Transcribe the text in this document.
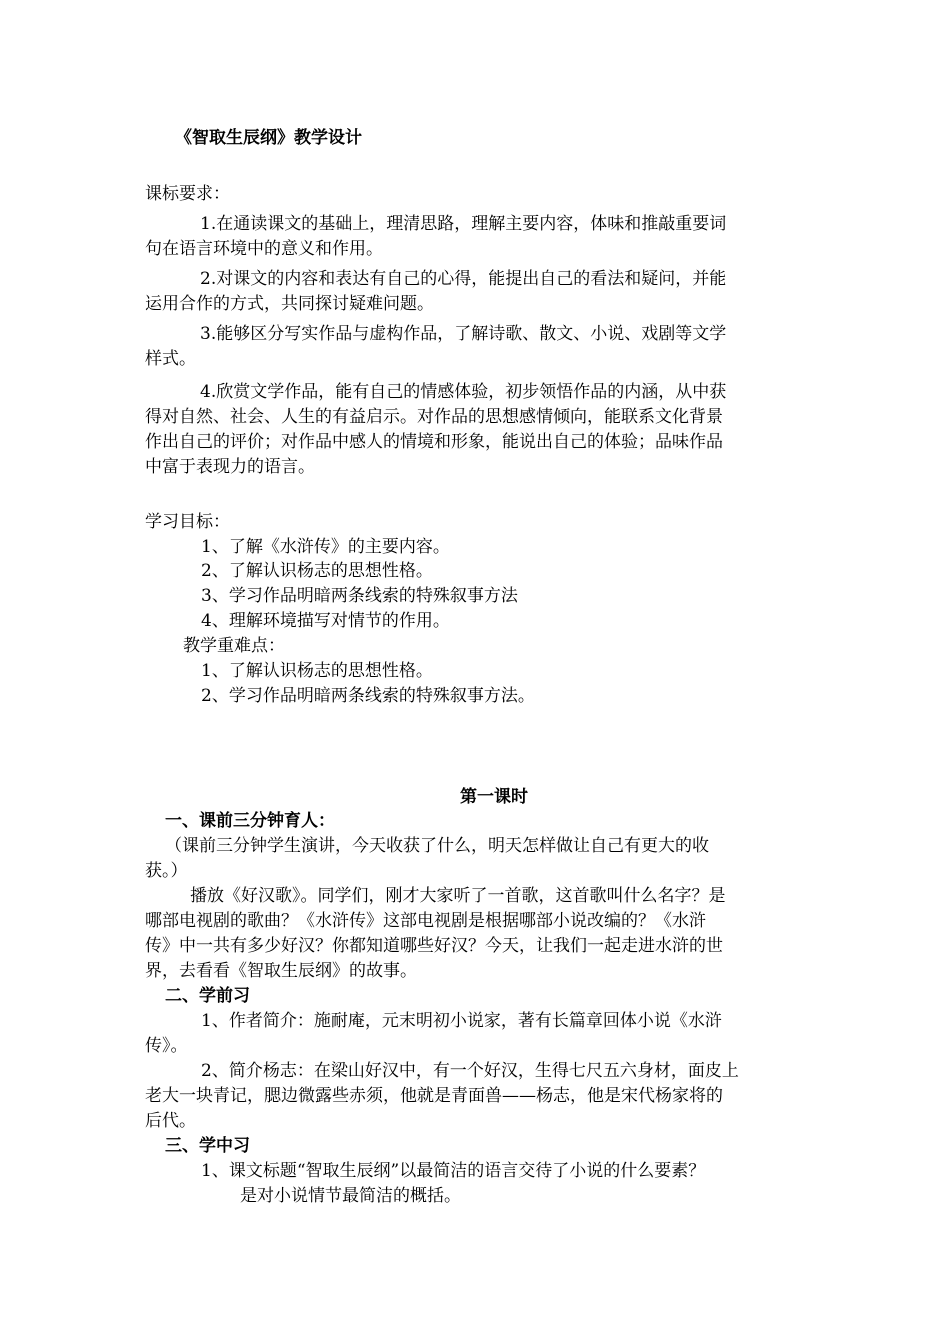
《智取生辰纲》教学设计
课标要求：
1.在通读课文的基础上，理清思路，理解主要内容，体味和推敲重要词
句在语言环境中的意义和作用。
2.对课文的内容和表达有自己的心得，能提出自己的看法和疑问，并能
运用合作的方式，共同探讨疑难问题。
3.能够区分写实作品与虚构作品，了解诗歌、散文、小说、戏剧等文学
样式。
4.欣赏文学作品，能有自己的情感体验，初步领悟作品的内涵，从中获
得对自然、社会、人生的有益启示。对作品的思想感情倾向，能联系文化背景
作出自己的评价；对作品中感人的情境和形象，能说出自己的体验；品味作品
中富于表现力的语言。
学习目标：
1、了解《水浒传》的主要内容。
2、了解认识杨志的思想性格。
3、学习作品明暗两条线索的特殊叙事方法
4、理解环境描写对情节的作用。
教学重难点：
1、了解认识杨志的思想性格。
2、学习作品明暗两条线索的特殊叙事方法。
第一课时
一、课前三分钟育人：
（课前三分钟学生演讲，今天收获了什么，明天怎样做让自己有更大的收
获。）
播放《好汉歌》。同学们，刚才大家听了一首歌，这首歌叫什么名字？是
哪部电视剧的歌曲？《水浒传》这部电视剧是根据哪部小说改编的？《水浒
传》中一共有多少好汉？你都知道哪些好汉？今天，让我们一起走进水浒的世
界，去看看《智取生辰纲》的故事。
二、学前习
1、作者简介：施耐庵，元末明初小说家，著有长篇章回体小说《水浒
传》。
2、简介杨志：在梁山好汉中，有一个好汉，生得七尺五六身材，面皮上
老大一块青记，腮边微露些赤须，他就是青面兽——杨志，他是宋代杨家将的
后代。
三、学中习
1、课文标题“智取生辰纲”以最简洁的语言交待了小说的什么要素？
是对小说情节最简洁的概括。
